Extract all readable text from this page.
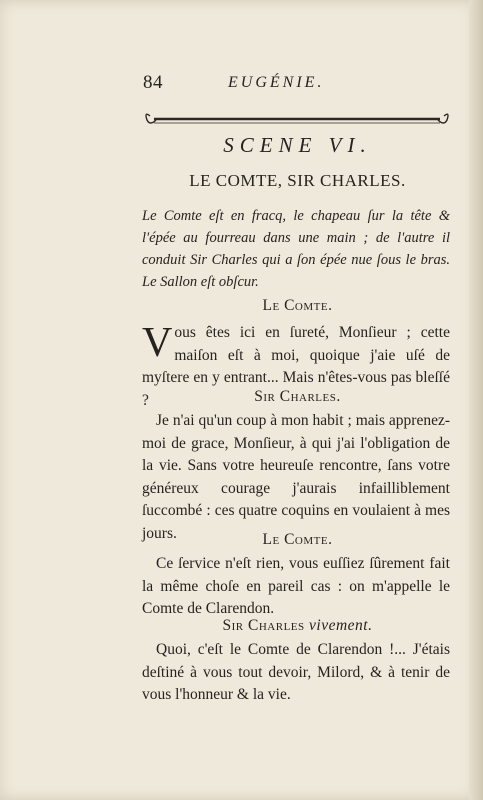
84	EUGÉNIE.
SCENE VI.
LE COMTE, SIR CHARLES.
Le Comte eſt en fracq, le chapeau ſur la tête & l'épée au fourreau dans une main ; de l'autre il conduit Sir Charles qui a ſon épée nue ſous le bras. Le Sallon eſt obſcur.
Le Comte.
Vous êtes ici en ſureté, Monſieur ; cette maiſon eſt à moi, quoique j'aie uſé de myſtere en y entrant... Mais n'êtes-vous pas bleſſé ?	Sir Charles.
Je n'ai qu'un coup à mon habit ; mais apprenez-moi de grace, Monſieur, à qui j'ai l'obligation de la vie. Sans votre heureuſe rencontre, ſans votre généreux courage j'aurais infailliblement ſuccombé : ces quatre coquins en voulaient à mes jours.	Le Comte.
Ce ſervice n'eſt rien, vous euſſiez ſûrement fait la même choſe en pareil cas : on m'appelle le Comte de Clarendon.
Sir Charles vivement.
Quoi, c'eſt le Comte de Clarendon !... J'étais deſtiné à vous tout devoir, Milord, & à tenir de vous l'honneur & la vie.
